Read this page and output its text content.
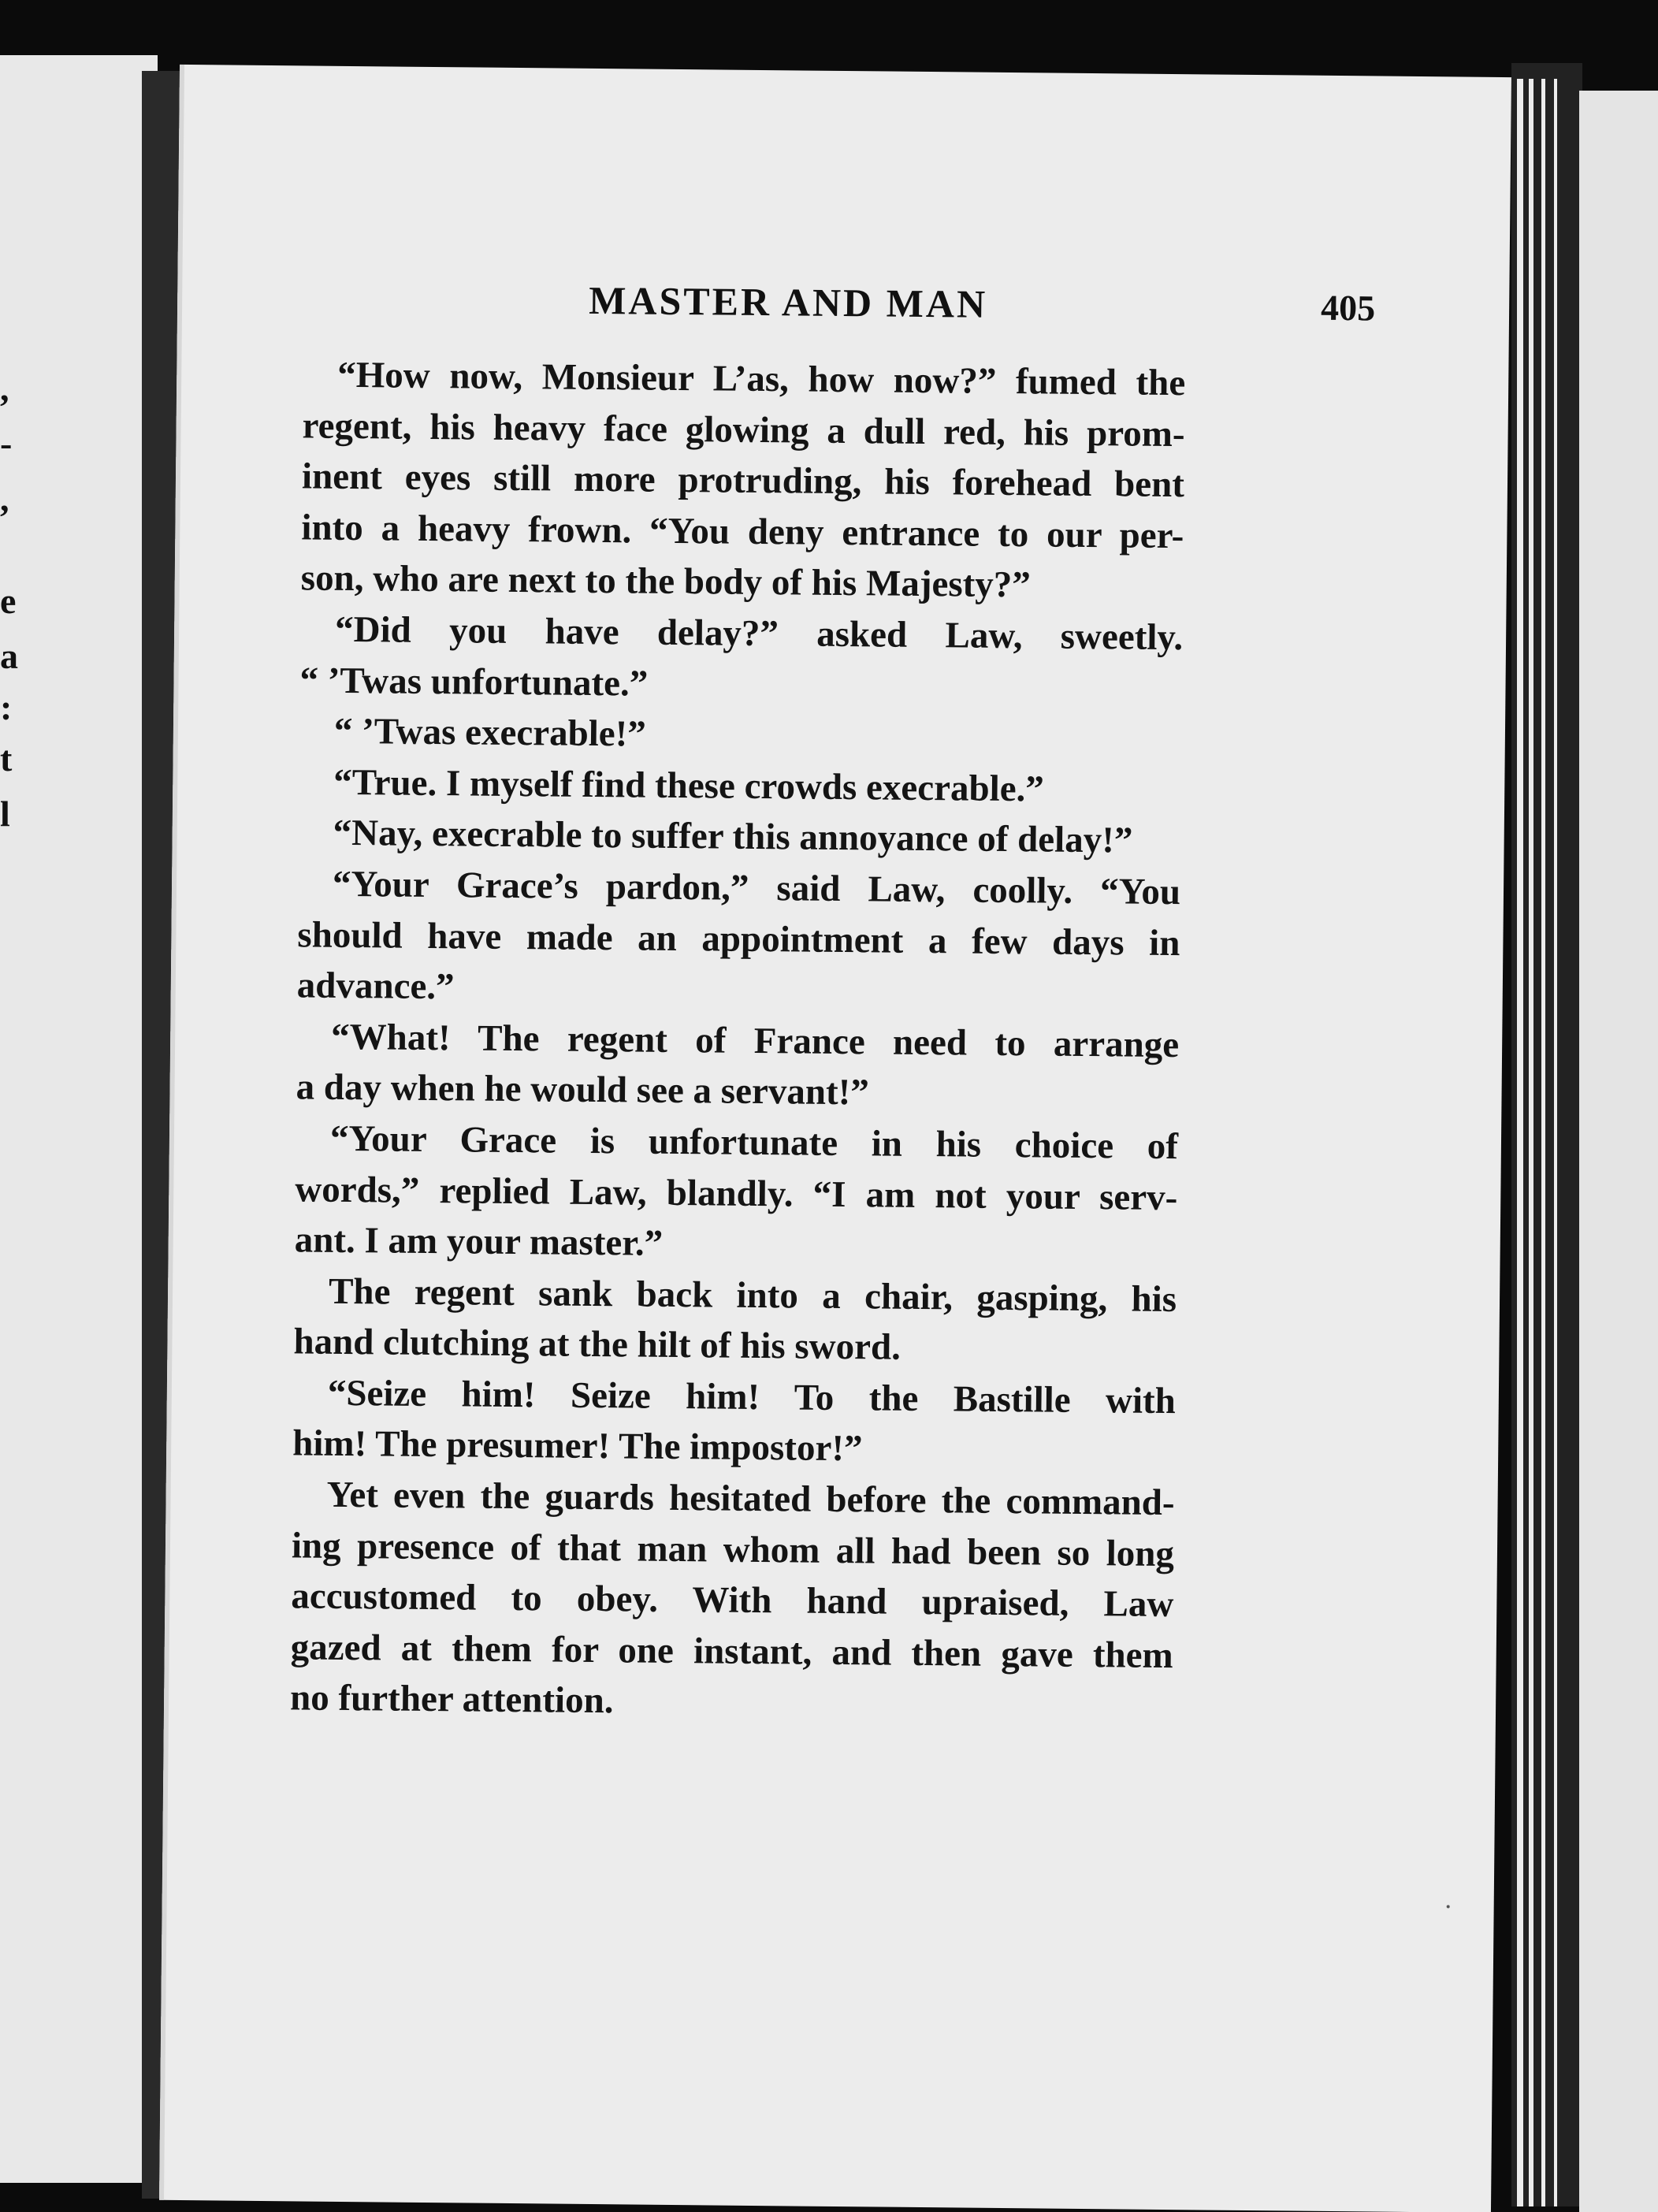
,
-
,
e
a
:
t
l
MASTER AND MAN	405

“How now, Monsieur L’as, how now?” fumed the
regent, his heavy face glowing a dull red, his prom-
inent eyes still more protruding, his forehead bent
into a heavy frown. “You deny entrance to our per-
son, who are next to the body of his Majesty?”

“Did you have delay?” asked Law, sweetly.
“ ’Twas unfortunate.”

“ ’Twas execrable!”

“True. I myself find these crowds execrable.”

“Nay, execrable to suffer this annoyance of delay!”

“Your Grace’s pardon,” said Law, coolly. “You
should have made an appointment a few days in
advance.”

“What! The regent of France need to arrange
a day when he would see a servant!”

“Your Grace is unfortunate in his choice of
words,” replied Law, blandly. “I am not your serv-
ant. I am your master.”

The regent sank back into a chair, gasping, his
hand clutching at the hilt of his sword.

“Seize him! Seize him! To the Bastille with
him! The presumer! The impostor!”

Yet even the guards hesitated before the command-
ing presence of that man whom all had been so long
accustomed to obey. With hand upraised, Law
gazed at them for one instant, and then gave them
no further attention.
